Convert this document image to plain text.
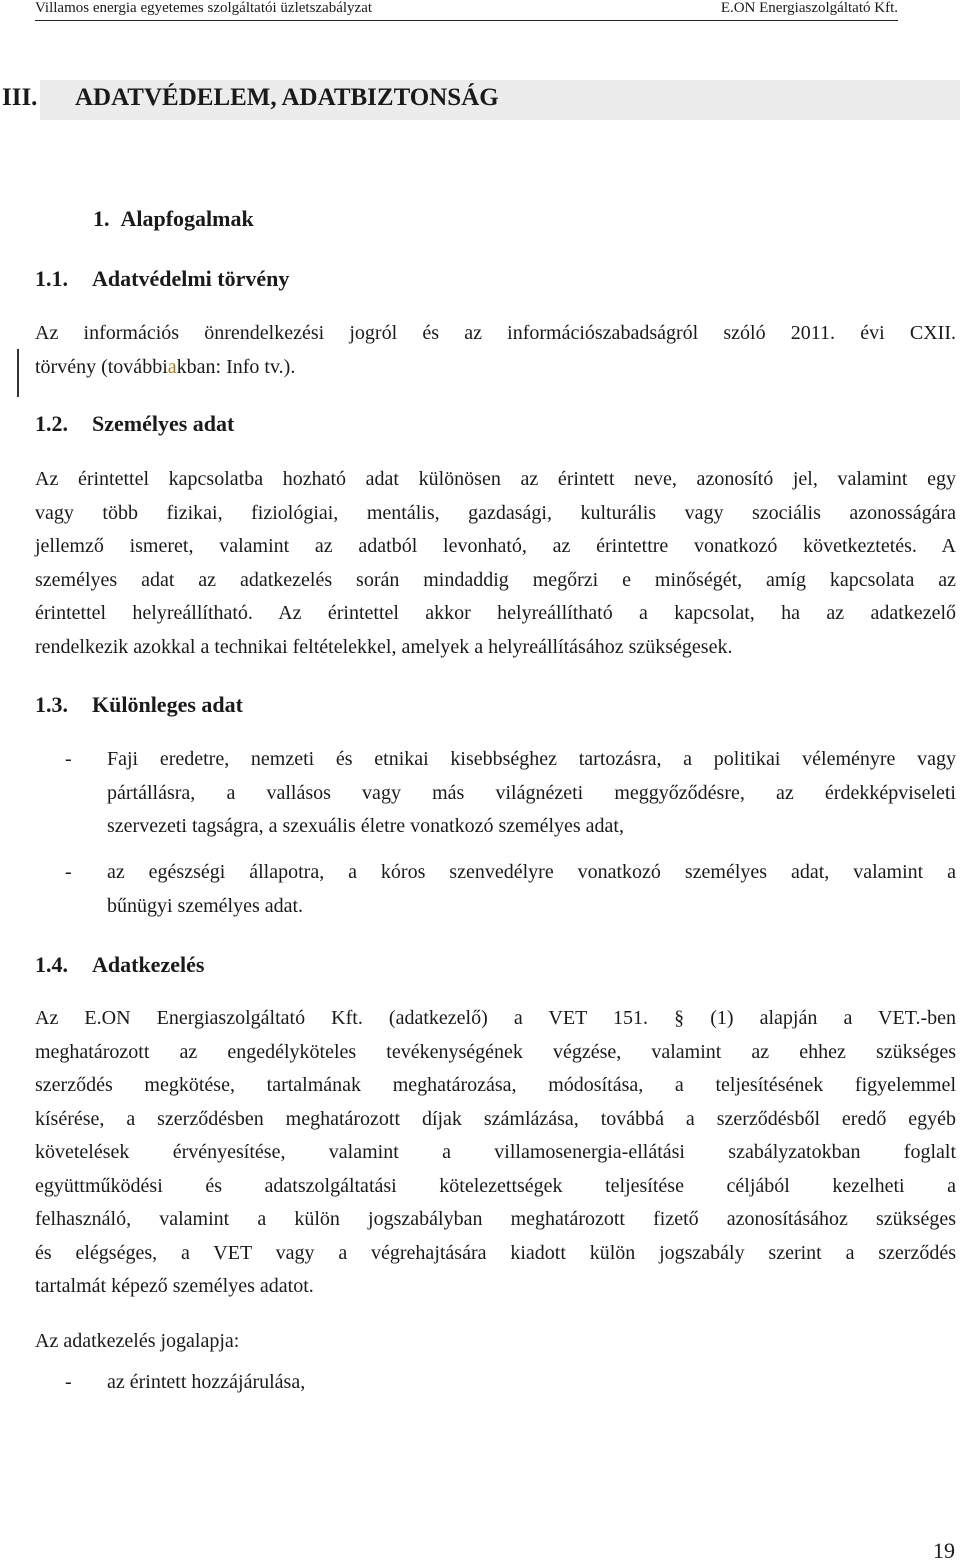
Villamos energia egyetemes szolgáltatói üzletszabályzat	E.ON Energiaszolgáltató Kft.
III. ADATVÉDELEM, ADATBIZTONSÁG
1. Alapfogalmak
1.1. Adatvédelmi törvény
Az információs önrendelkezési jogról és az információszabadságról szóló 2011. évi CXII.
törvény (továbbiakban: Info tv.).
1.2. Személyes adat
Az érintettel kapcsolatba hozható adat különösen az érintett neve, azonosító jel, valamint egy
vagy több fizikai, fiziológiai, mentális, gazdasági, kulturális vagy szociális azonosságára
jellemző ismeret, valamint az adatból levonható, az érintettre vonatkozó következtetés. A
személyes adat az adatkezelés során mindaddig megőrzi e minőségét, amíg kapcsolata az
érintettel helyreállítható. Az érintettel akkor helyreállítható a kapcsolat, ha az adatkezelő
rendelkezik azokkal a technikai feltételekkel, amelyek a helyreállításához szükségesek.
1.3. Különleges adat
- Faji eredetre, nemzeti és etnikai kisebbséghez tartozásra, a politikai véleményre vagy
pártállásra, a vallásos vagy más világnézeti meggyőződésre, az érdekképviseleti
szervezeti tagságra, a szexuális életre vonatkozó személyes adat,
- az egészségi állapotra, a kóros szenvedélyre vonatkozó személyes adat, valamint a
bűnügyi személyes adat.
1.4. Adatkezelés
Az E.ON Energiaszolgáltató Kft. (adatkezelő) a VET 151. § (1) alapján a VET.-ben
meghatározott az engedélyköteles tevékenységének végzése, valamint az ehhez szükséges
szerződés megkötése, tartalmának meghatározása, módosítása, a teljesítésének figyelemmel
kísérése, a szerződésben meghatározott díjak számlázása, továbbá a szerződésből eredő egyéb
követelések érvényesítése, valamint a villamosenergia-ellátási szabályzatokban foglalt
együttműködési és adatszolgáltatási kötelezettségek teljesítése céljából kezelheti a
felhasználó, valamint a külön jogszabályban meghatározott fizető azonosításához szükséges
és elégséges, a VET vagy a végrehajtására kiadott külön jogszabály szerint a szerződés
tartalmát képező személyes adatot.
Az adatkezelés jogalapja:
- az érintett hozzájárulása,
19
